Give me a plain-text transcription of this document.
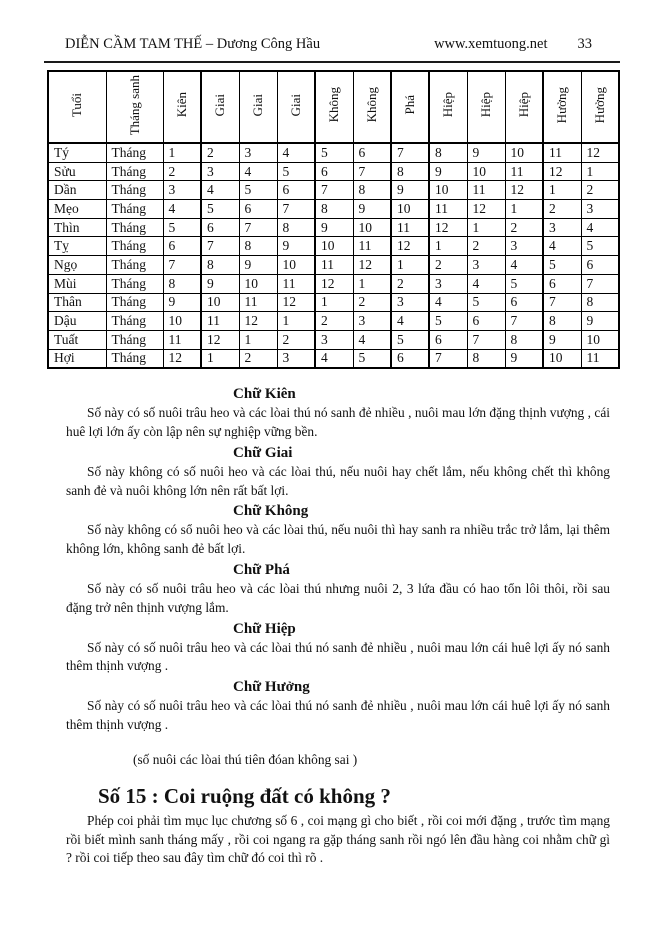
DIỄN CẦM TAM THẾ – Dương Công Hầu	www.xemtuong.net 33
Tuổi	Tháng sanh	Kiên	Giai	Giai	Giai	Không	Không	Phá	Hiệp	Hiệp	Hiệp	Hưởng	Hưởng
Tý	Tháng	1	2	3	4	5	6	7	8	9	10	11	12
Sửu	Tháng	2	3	4	5	6	7	8	9	10	11	12	1
Dần	Tháng	3	4	5	6	7	8	9	10	11	12	1	2
Mẹo	Tháng	4	5	6	7	8	9	10	11	12	1	2	3
Thìn	Tháng	5	6	7	8	9	10	11	12	1	2	3	4
Tỵ	Tháng	6	7	8	9	10	11	12	1	2	3	4	5
Ngọ	Tháng	7	8	9	10	11	12	1	2	3	4	5	6
Mùi	Tháng	8	9	10	11	12	1	2	3	4	5	6	7
Thân	Tháng	9	10	11	12	1	2	3	4	5	6	7	8
Dậu	Tháng	10	11	12	1	2	3	4	5	6	7	8	9
Tuất	Tháng	11	12	1	2	3	4	5	6	7	8	9	10
Hợi	Tháng	12	1	2	3	4	5	6	7	8	9	10	11
Chữ Kiên

Số này có số nuôi trâu heo và các lòai thú nó sanh đẻ nhiều , nuôi mau lớn đặng thịnh vượng , cái huê lợi lớn ấy còn lập nên sự nghiệp vững bền.

Chữ Giai

Số này không có số nuôi heo và các lòai thú, nếu nuôi hay chết lắm, nếu không chết thì không sanh đẻ và nuôi không lớn nên rất bất lợi.

Chữ Không

Số này không có sổ nuôi heo và các lòai thú, nếu nuôi thì hay sanh ra nhiều trắc trở lắm, lại thêm không lớn, không sanh đẻ bất lợi.

Chữ Phá

Số này có số nuôi trâu heo và các lòai thú nhưng nuôi 2, 3 lứa đầu có hao tổn lôi thôi, rồi sau đặng trở nên thịnh vượng lắm.

Chữ Hiệp

Số này có số nuôi trâu heo và các lòai thú nó sanh đẻ nhiều , nuôi mau lớn cái huê lợi ấy nó sanh thêm thịnh vượng .

Chữ Hưởng

Số này có số nuôi trâu heo và các lòai thú nó sanh đẻ nhiều , nuôi mau lớn cái huê lợi ấy nó sanh thêm thịnh vượng .

(số nuôi các lòai thú tiên đóan không sai )

Số 15 : Coi ruộng đất có không ?

Phép coi phải tìm mục lục chương số 6 , coi mạng gì cho biết , rồi coi mới đặng , trước tìm mạng rồi biết mình sanh tháng mấy , rồi coi ngang ra gặp tháng sanh rồi ngó lên đầu hàng coi nhằm chữ gì ? rồi coi tiếp theo sau đây tìm chữ đó coi thì rõ .
